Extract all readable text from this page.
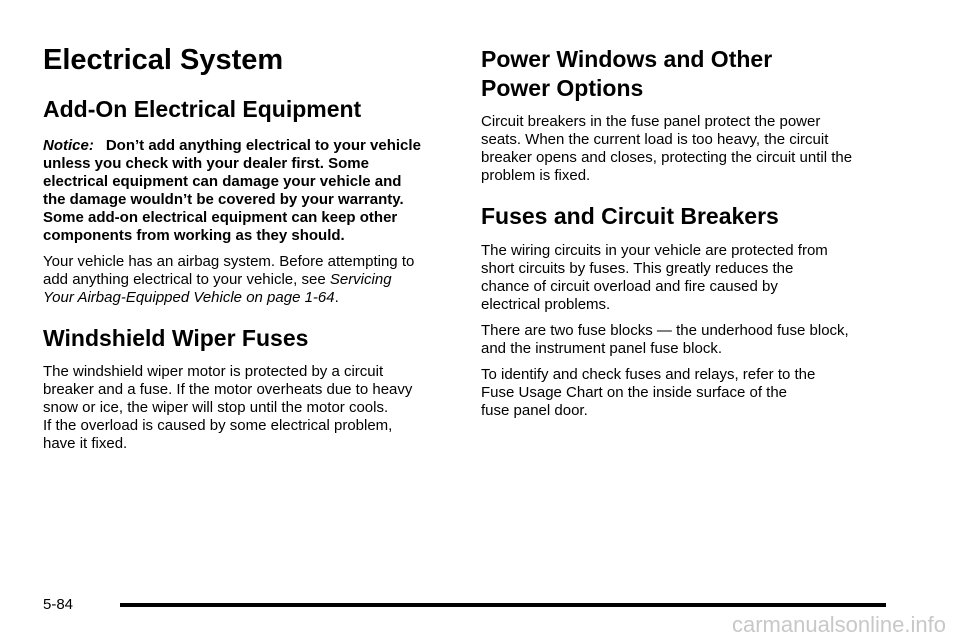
Electrical System
Add-On Electrical Equipment

Notice: Don’t add anything electrical to your vehicle

unless you check with your dealer first. Some

electrical equipment can damage your vehicle and

the damage wouldn’t be covered by your warranty.

Some add-on electrical equipment can keep other

components from working as they should.

Your vehicle has an airbag system. Before attempting to

add anything electrical to your vehicle, see Servicing

Your Airbag-Equipped Vehicle on page 1-64.

Windshield Wiper Fuses

The windshield wiper motor is protected by a circuit

breaker and a fuse. If the motor overheats due to heavy

snow or ice, the wiper will stop until the motor cools.

If the overload is caused by some electrical problem,

have it fixed.

Power Windows and Other
Power Options

Circuit breakers in the fuse panel protect the power

seats. When the current load is too heavy, the circuit

breaker opens and closes, protecting the circuit until the

problem is fixed.

Fuses and Circuit Breakers

The wiring circuits in your vehicle are protected from

short circuits by fuses. This greatly reduces the

chance of circuit overload and fire caused by

electrical problems.

There are two fuse blocks — the underhood fuse block,

and the instrument panel fuse block.

To identify and check fuses and relays, refer to the

Fuse Usage Chart on the inside surface of the

fuse panel door.

5-84
carmanualsonline.info
